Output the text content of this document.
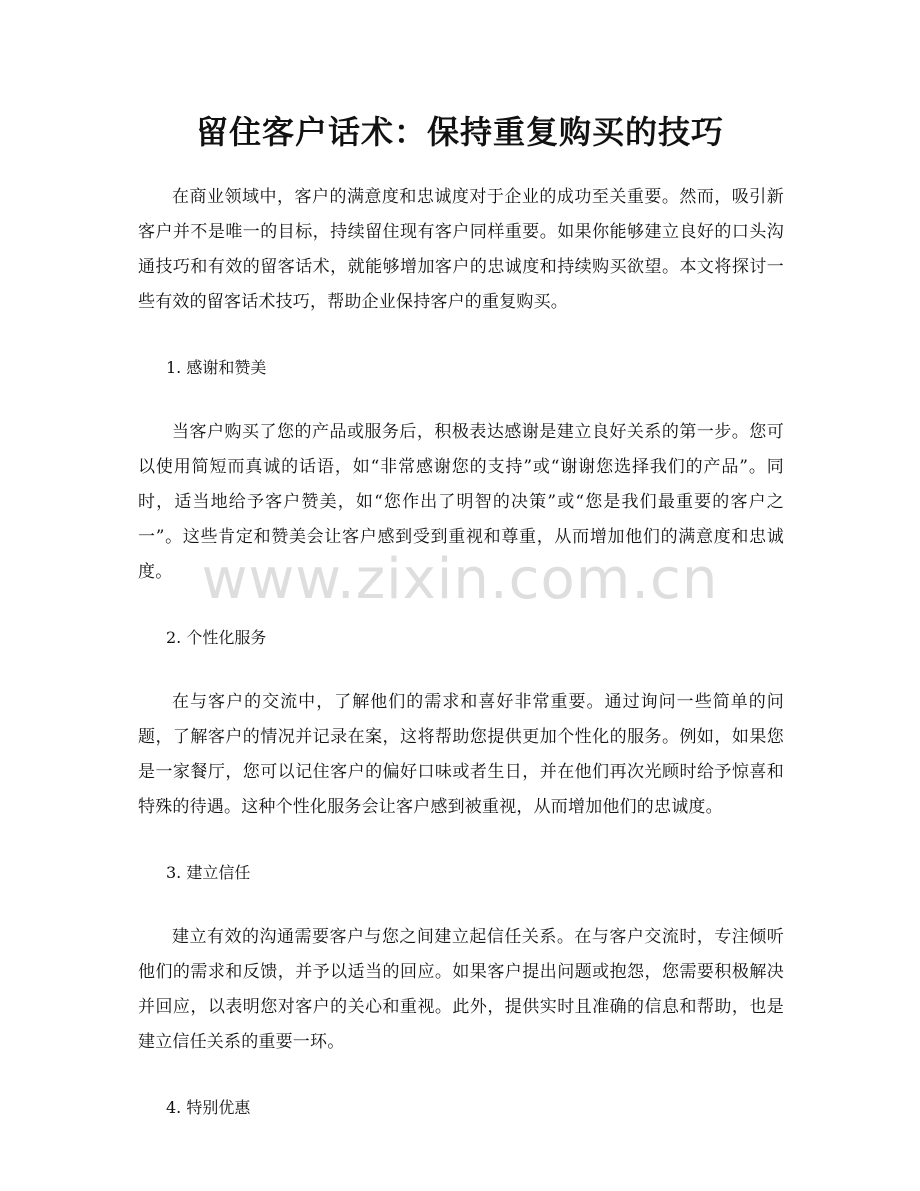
留住客户话术：保持重复购买的技巧

在商业领域中，客户的满意度和忠诚度对于企业的成功至关重要。然而，吸引新客户并不是唯一的目标，持续留住现有客户同样重要。如果你能够建立良好的口头沟通技巧和有效的留客话术，就能够增加客户的忠诚度和持续购买欲望。本文将探讨一些有效的留客话术技巧，帮助企业保持客户的重复购买。

1. 感谢和赞美

当客户购买了您的产品或服务后，积极表达感谢是建立良好关系的第一步。您可以使用简短而真诚的话语，如“非常感谢您的支持”或“谢谢您选择我们的产品”。同时，适当地给予客户赞美，如“您作出了明智的决策”或“您是我们最重要的客户之一”。这些肯定和赞美会让客户感到受到重视和尊重，从而增加他们的满意度和忠诚度。

2. 个性化服务

在与客户的交流中，了解他们的需求和喜好非常重要。通过询问一些简单的问题，了解客户的情况并记录在案，这将帮助您提供更加个性化的服务。例如，如果您是一家餐厅，您可以记住客户的偏好口味或者生日，并在他们再次光顾时给予惊喜和特殊的待遇。这种个性化服务会让客户感到被重视，从而增加他们的忠诚度。

3. 建立信任

建立有效的沟通需要客户与您之间建立起信任关系。在与客户交流时，专注倾听他们的需求和反馈，并予以适当的回应。如果客户提出问题或抱怨，您需要积极解决并回应，以表明您对客户的关心和重视。此外，提供实时且准确的信息和帮助，也是建立信任关系的重要一环。

4. 特别优惠

www.zixin.com.cn
